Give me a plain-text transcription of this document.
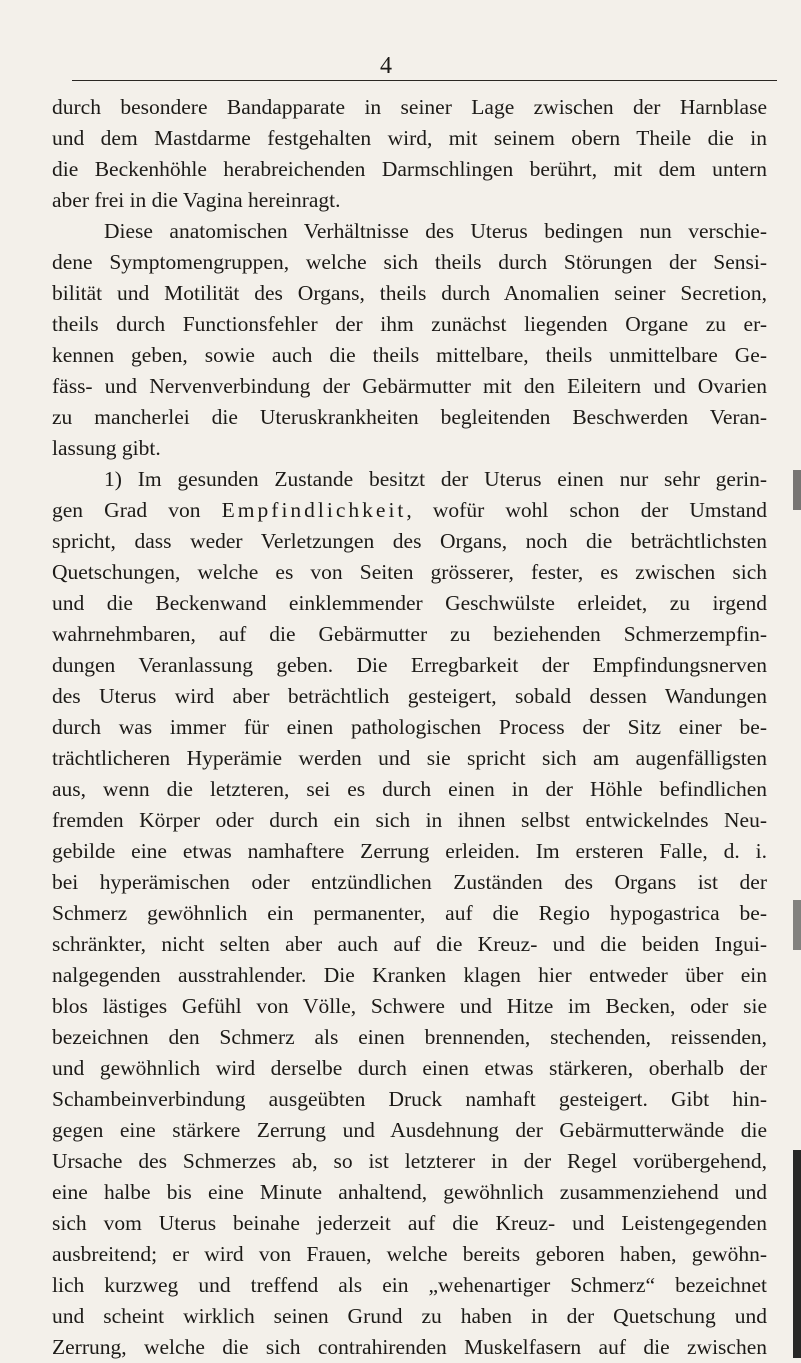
4
durch besondere Bandapparate in seiner Lage zwischen der Harnblase
und dem Mastdarme festgehalten wird, mit seinem obern Theile die in
die Beckenhöhle herabreichenden Darmschlingen berührt, mit dem untern
aber frei in die Vagina hereinragt.
Diese anatomischen Verhältnisse des Uterus bedingen nun verschie-
dene Symptomengruppen, welche sich theils durch Störungen der Sensi-
bilität und Motilität des Organs, theils durch Anomalien seiner Secretion,
theils durch Functionsfehler der ihm zunächst liegenden Organe zu er-
kennen geben, sowie auch die theils mittelbare, theils unmittelbare Ge-
fäss- und Nervenverbindung der Gebärmutter mit den Eileitern und Ovarien
zu mancherlei die Uteruskrankheiten begleitenden Beschwerden Veran-
lassung gibt.
1) Im gesunden Zustande besitzt der Uterus einen nur sehr gerin-
gen Grad von Empfindlichkeit, wofür wohl schon der Umstand
spricht, dass weder Verletzungen des Organs, noch die beträchtlichsten
Quetschungen, welche es von Seiten grösserer, fester, es zwischen sich
und die Beckenwand einklemmender Geschwülste erleidet, zu irgend
wahrnehmbaren, auf die Gebärmutter zu beziehenden Schmerzempfin-
dungen Veranlassung geben. Die Erregbarkeit der Empfindungsnerven
des Uterus wird aber beträchtlich gesteigert, sobald dessen Wandungen
durch was immer für einen pathologischen Process der Sitz einer be-
trächtlicheren Hyperämie werden und sie spricht sich am augenfälligsten
aus, wenn die letzteren, sei es durch einen in der Höhle befindlichen
fremden Körper oder durch ein sich in ihnen selbst entwickelndes Neu-
gebilde eine etwas namhaftere Zerrung erleiden. Im ersteren Falle, d. i.
bei hyperämischen oder entzündlichen Zuständen des Organs ist der
Schmerz gewöhnlich ein permanenter, auf die Regio hypogastrica be-
schränkter, nicht selten aber auch auf die Kreuz- und die beiden Ingui-
nalgegenden ausstrahlender. Die Kranken klagen hier entweder über ein
blos lästiges Gefühl von Völle, Schwere und Hitze im Becken, oder sie
bezeichnen den Schmerz als einen brennenden, stechenden, reissenden,
und gewöhnlich wird derselbe durch einen etwas stärkeren, oberhalb der
Schambeinverbindung ausgeübten Druck namhaft gesteigert. Gibt hin-
gegen eine stärkere Zerrung und Ausdehnung der Gebärmutterwände die
Ursache des Schmerzes ab, so ist letzterer in der Regel vorübergehend,
eine halbe bis eine Minute anhaltend, gewöhnlich zusammenziehend und
sich vom Uterus beinahe jederzeit auf die Kreuz- und Leistengegenden
ausbreitend; er wird von Frauen, welche bereits geboren haben, gewöhn-
lich kurzweg und treffend als ein „wehenartiger Schmerz“ bezeichnet
und scheint wirklich seinen Grund zu haben in der Quetschung und
Zerrung, welche die sich contrahirenden Muskelfasern auf die zwischen
